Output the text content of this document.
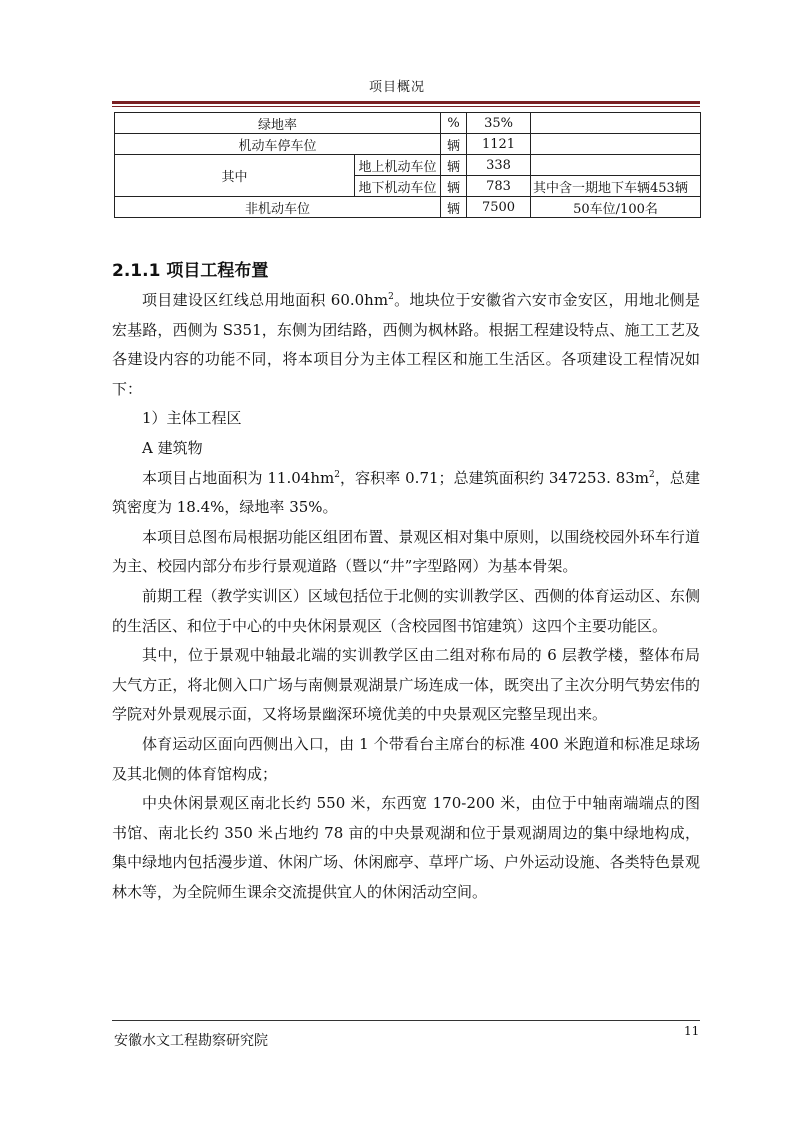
项目概况
绿地率		%	35%	
机动车停车位		辆	1121	
其中	地上机动车位	辆	338	
	地下机动车位	辆	783	其中含一期地下车辆453辆
非机动车位		辆	7500	50车位/100名
2.1.1 项目工程布置

项目建设区红线总用地面积 $60.0hm^2$。地块位于安徽省六安市金安区，用地北侧是宏基路，西侧为 S351，东侧为团结路，西侧为枫林路。根据工程建设特点、施工工艺及各建设内容的功能不同，将本项目分为主体工程区和施工生活区。各项建设工程情况如下：

1）主体工程区

A 建筑物

本项目占地面积为 $11.04hm^2$，容积率 0.71；总建筑面积约 347253. $83m^2$，总建筑密度为 18.4%，绿地率 35%。

本项目总图布局根据功能区组团布置、景观区相对集中原则，以围绕校园外环车行道为主、校园内部分布步行景观道路（暨以“井”字型路网）为基本骨架。

前期工程（教学实训区）区域包括位于北侧的实训教学区、西侧的体育运动区、东侧的生活区、和位于中心的中央休闲景观区（含校园图书馆建筑）这四个主要功能区。

其中，位于景观中轴最北端的实训教学区由二组对称布局的 6 层教学楼，整体布局大气方正，将北侧入口广场与南侧景观湖景广场连成一体，既突出了主次分明气势宏伟的学院对外景观展示面，又将场景幽深环境优美的中央景观区完整呈现出来。

体育运动区面向西侧出入口，由 1 个带看台主席台的标准 400 米跑道和标准足球场及其北侧的体育馆构成；

中央休闲景观区南北长约 550 米，东西宽 170-200 米，由位于中轴南端端点的图书馆、南北长约 350 米占地约 78 亩的中央景观湖和位于景观湖周边的集中绿地构成，集中绿地内包括漫步道、休闲广场、休闲廊亭、草坪广场、户外运动设施、各类特色景观林木等，为全院师生课余交流提供宜人的休闲活动空间。

安徽水文工程勘察研究院
11
